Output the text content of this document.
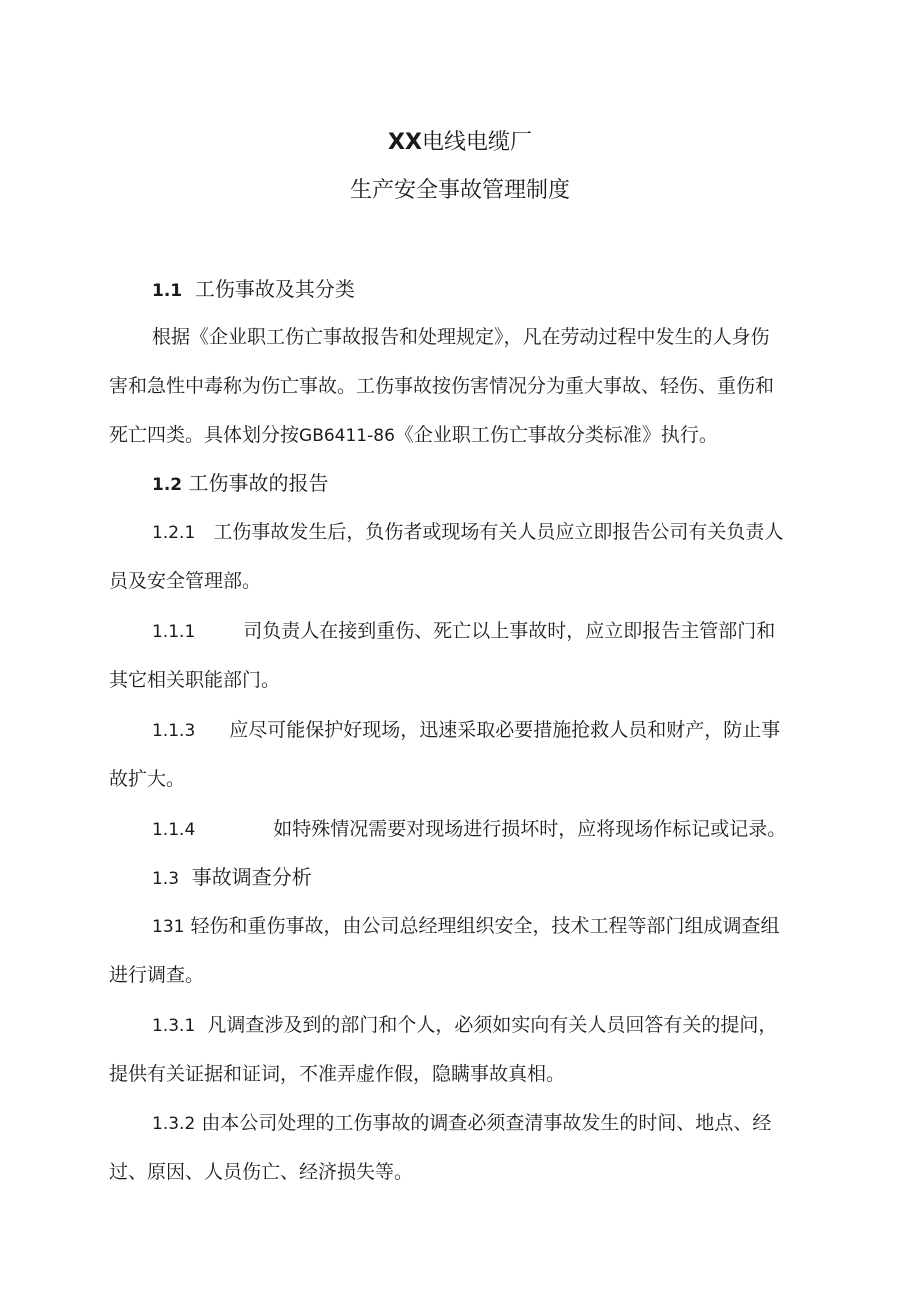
XX电线电缆厂
生产安全事故管理制度
1.1 工伤事故及其分类
根据《企业职工伤亡事故报告和处理规定》，凡在劳动过程中发生的人身伤
害和急性中毒称为伤亡事故。工伤事故按伤害情况分为重大事故、轻伤、重伤和
死亡四类。具体划分按GB6411-86《企业职工伤亡事故分类标准》执行。
1.2 工伤事故的报告
1.2.1 工伤事故发生后，负伤者或现场有关人员应立即报告公司有关负责人
员及安全管理部。
1.1.1	司负责人在接到重伤、死亡以上事故时，应立即报告主管部门和
其它相关职能部门。
1.1.3 应尽可能保护好现场，迅速采取必要措施抢救人员和财产，防止事
故扩大。
1.1.4	如特殊情况需要对现场进行损坏时，应将现场作标记或记录。
1.3 事故调查分析
131 轻伤和重伤事故，由公司总经理组织安全，技术工程等部门组成调查组
进行调查。
1.3.1 凡调查涉及到的部门和个人，必须如实向有关人员回答有关的提问，
提供有关证据和证词，不准弄虚作假，隐瞒事故真相。
1.3.2 由本公司处理的工伤事故的调查必须查清事故发生的时间、地点、经
过、原因、人员伤亡、经济损失等。
